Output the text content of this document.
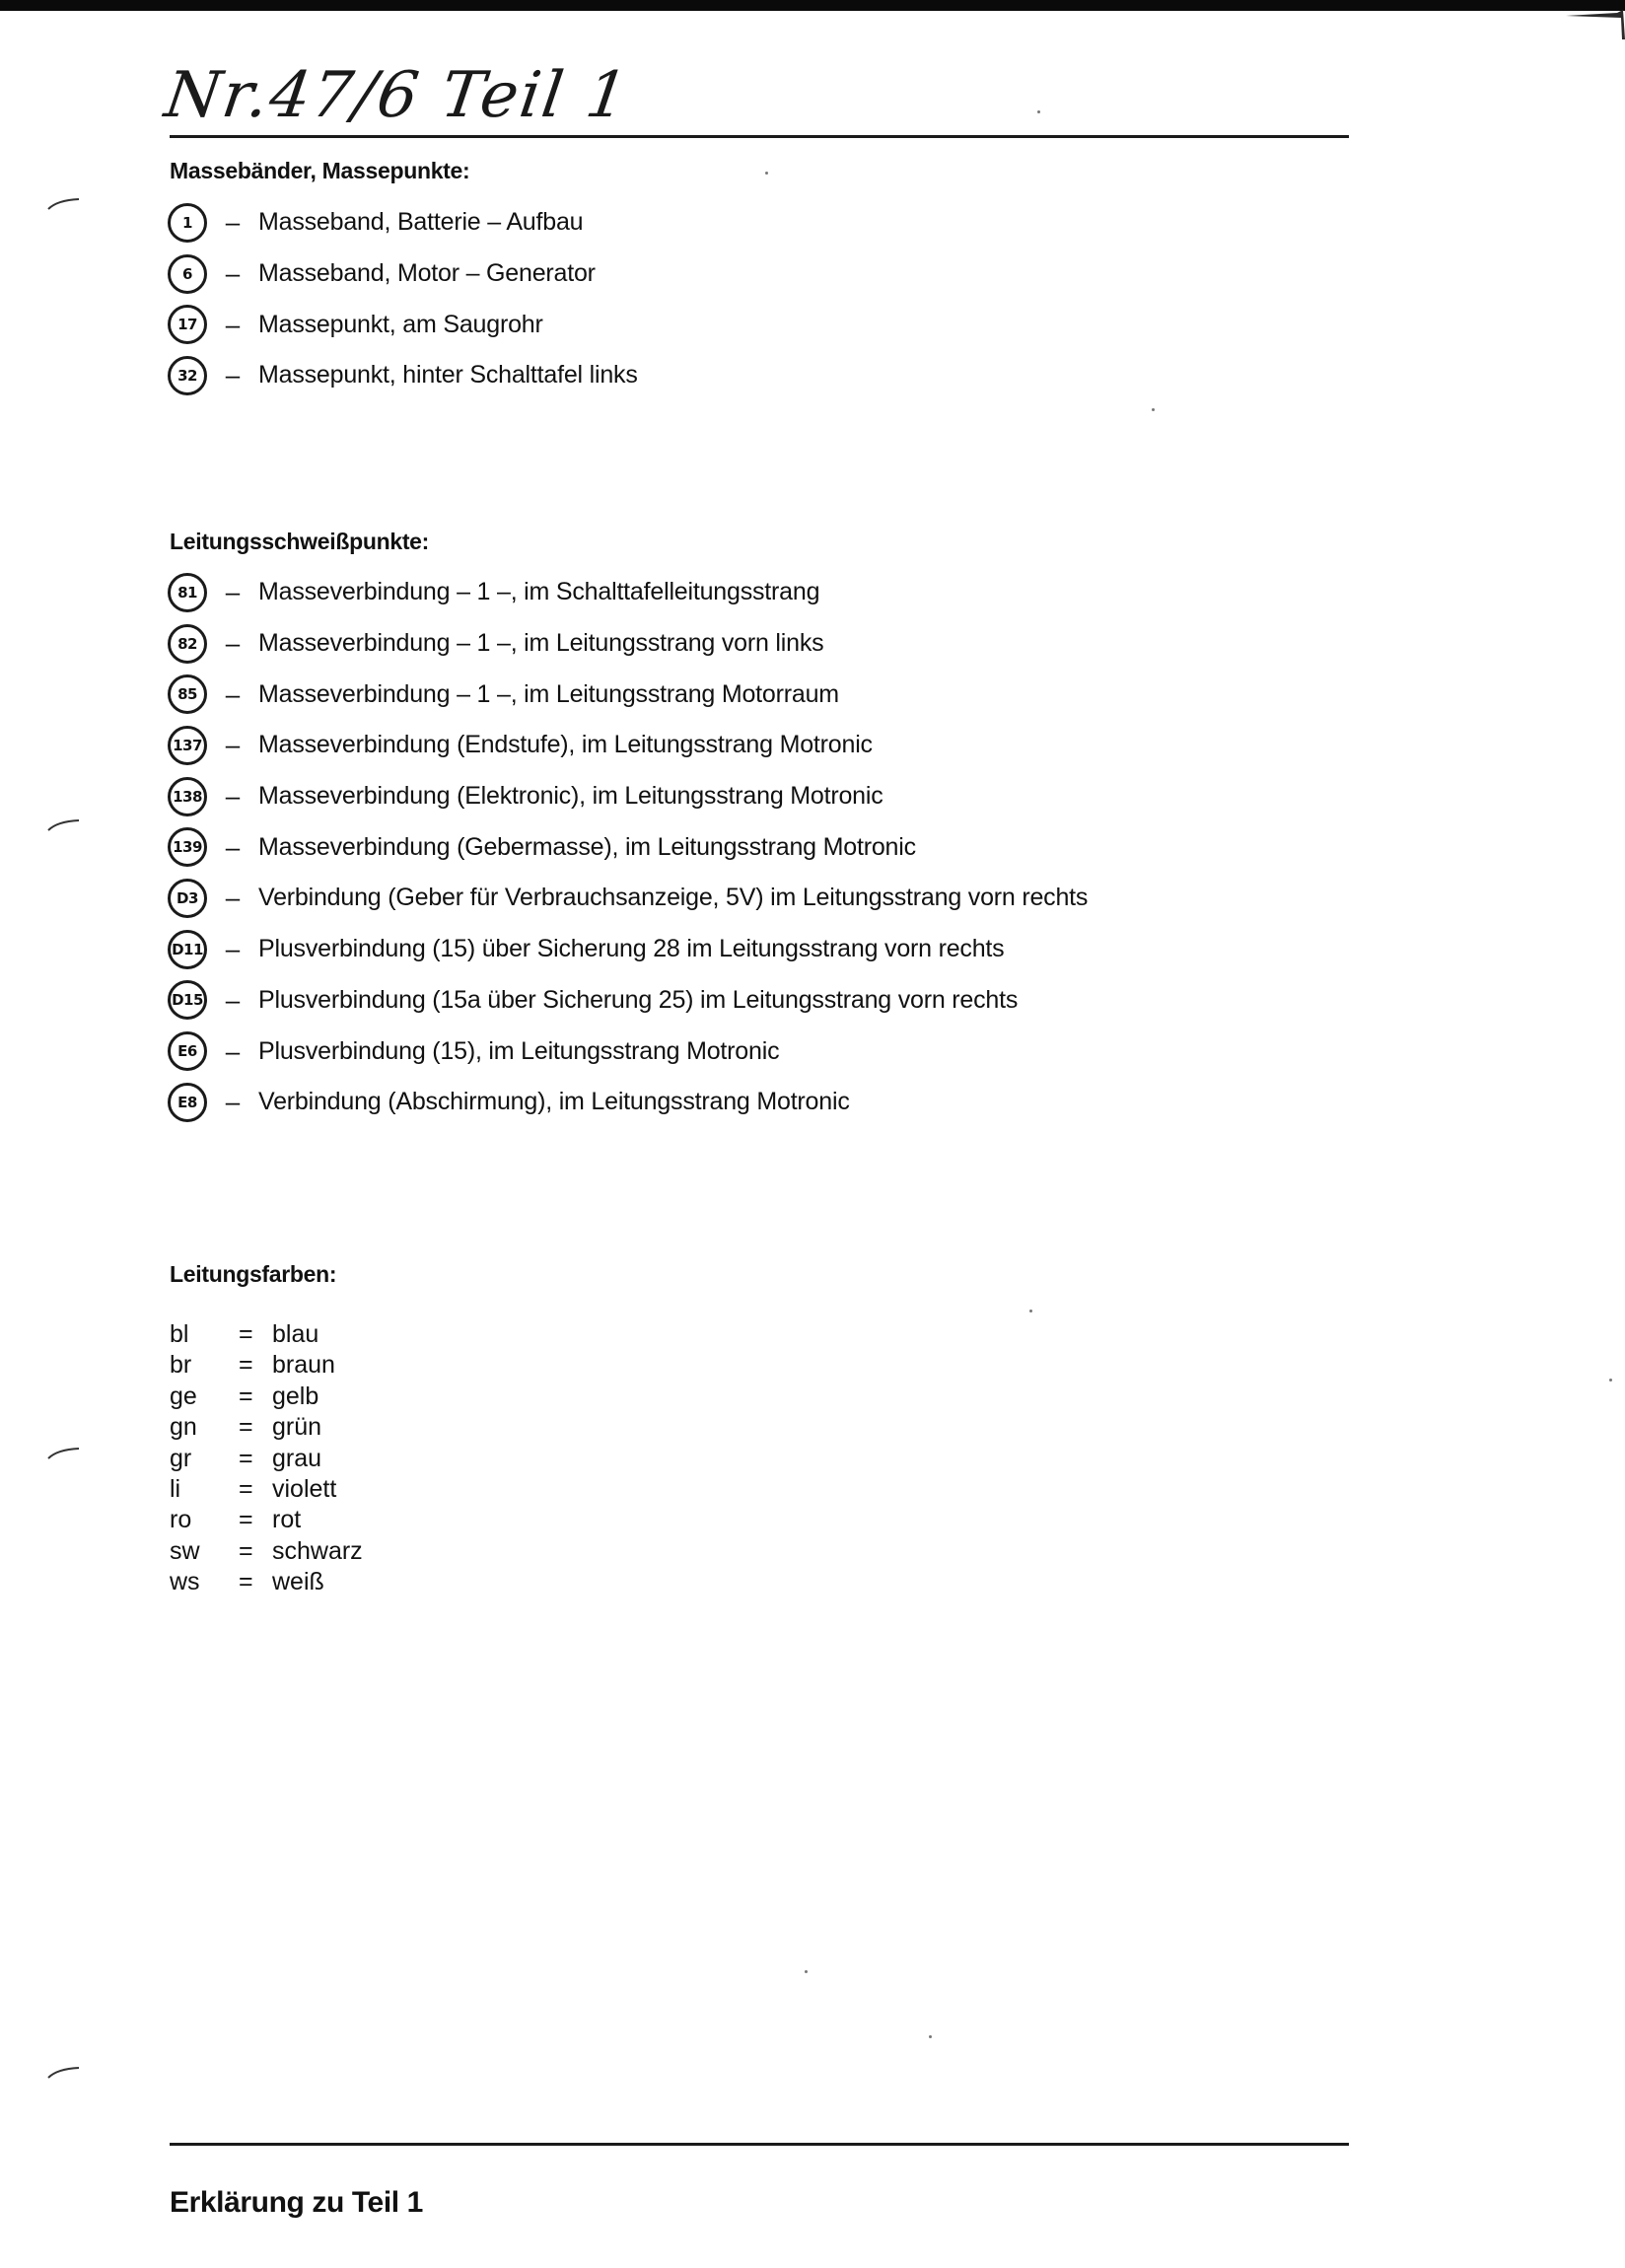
Nr.47/6 Teil 1
Massebänder, Massepunkte:
1	– Masseband, Batterie – Aufbau
6	– Masseband, Motor – Generator
17	– Massepunkt, am Saugrohr
32	– Massepunkt, hinter Schalttafel links
Leitungsschweißpunkte:
81	– Masseverbindung – 1 –, im Schalttafelleitungsstrang
82	– Masseverbindung – 1 –, im Leitungsstrang vorn links
85	– Masseverbindung – 1 –, im Leitungsstrang Motorraum
137 – Masseverbindung (Endstufe), im Leitungsstrang Motronic
138 – Masseverbindung (Elektronic), im Leitungsstrang Motronic
139 – Masseverbindung (Gebermasse), im Leitungsstrang Motronic
D3	– Verbindung (Geber für Verbrauchsanzeige, 5V) im Leitungsstrang vorn rechts
D11 – Plusverbindung (15) über Sicherung 28 im Leitungsstrang vorn rechts
D15 – Plusverbindung (15a über Sicherung 25) im Leitungsstrang vorn rechts
E6	– Plusverbindung (15), im Leitungsstrang Motronic
E8	– Verbindung (Abschirmung), im Leitungsstrang Motronic
Leitungsfarben:
bl	=	blau
br	=	braun
ge	=	gelb
gn	=	grün
gr	=	grau
li	=	violett
ro	=	rot
sw	=	schwarz
ws	=	weiß
Erklärung zu Teil 1
